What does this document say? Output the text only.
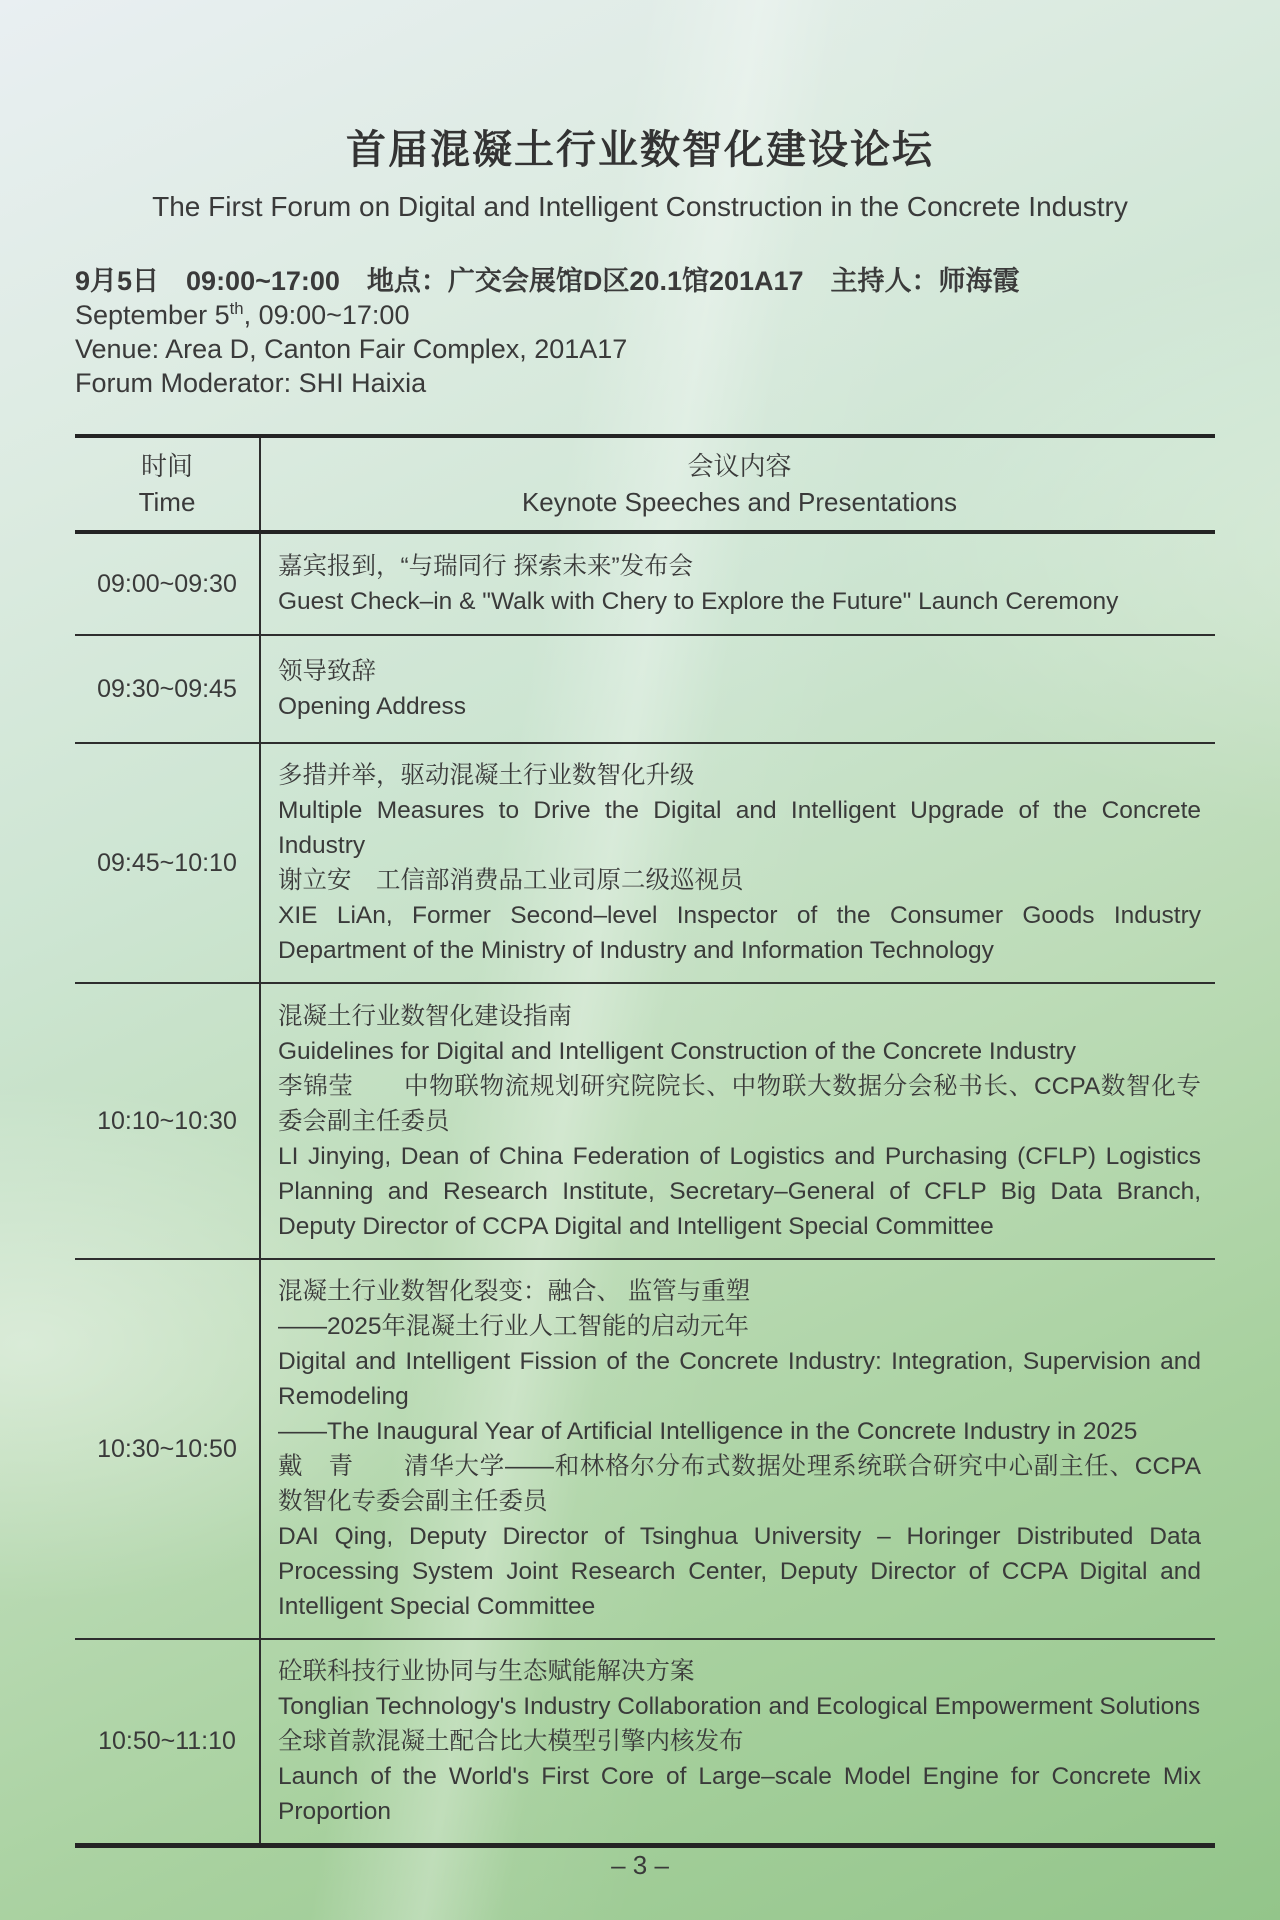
首届混凝土行业数智化建设论坛
The First Forum on Digital and Intelligent Construction in the Concrete Industry

9月5日　09:00~17:00　地点：广交会展馆D区20.1馆201A17　主持人：师海霞

September 5th, 09:00~17:00

Venue: Area D, Canton Fair Complex, 201A17

Forum Moderator: SHI Haixia

时间
Time
会议内容
Keynote Speeches and Presentations
09:00~09:30
嘉宾报到，“与瑞同行 探索未来”发布会
Guest Check–in & "Walk with Chery to Explore the Future" Launch Ceremony
09:30~09:45
领导致辞
Opening Address
09:45~10:10
多措并举，驱动混凝土行业数智化升级
Multiple Measures to Drive the Digital and Intelligent Upgrade of the Concrete Industry
谢立安　工信部消费品工业司原二级巡视员
XIE LiAn, Former Second–level Inspector of the Consumer Goods Industry Department of the Ministry of Industry and Information Technology
10:10~10:30
混凝土行业数智化建设指南
Guidelines for Digital and Intelligent Construction of the Concrete Industry
李锦莹　　中物联物流规划研究院院长、中物联大数据分会秘书长、CCPA数智化专委会副主任委员
LI Jinying, Dean of China Federation of Logistics and Purchasing (CFLP) Logistics Planning and Research Institute, Secretary–General of CFLP Big Data Branch, Deputy Director of CCPA Digital and Intelligent Special Committee
10:30~10:50
混凝土行业数智化裂变：融合、 监管与重塑
——2025年混凝土行业人工智能的启动元年
Digital and Intelligent Fission of the Concrete Industry: Integration, Supervision and Remodeling
——The Inaugural Year of Artificial Intelligence in the Concrete Industry in 2025
戴　青　　清华大学——和林格尔分布式数据处理系统联合研究中心副主任、CCPA数智化专委会副主任委员
DAI Qing, Deputy Director of Tsinghua University – Horinger Distributed Data Processing System Joint Research Center, Deputy Director of CCPA Digital and Intelligent Special Committee
10:50~11:10
砼联科技行业协同与生态赋能解决方案
Tonglian Technology's Industry Collaboration and Ecological Empowerment Solutions
全球首款混凝土配合比大模型引擎内核发布
Launch of the World's First Core of Large–scale Model Engine for Concrete Mix Proportion
– 3 –
